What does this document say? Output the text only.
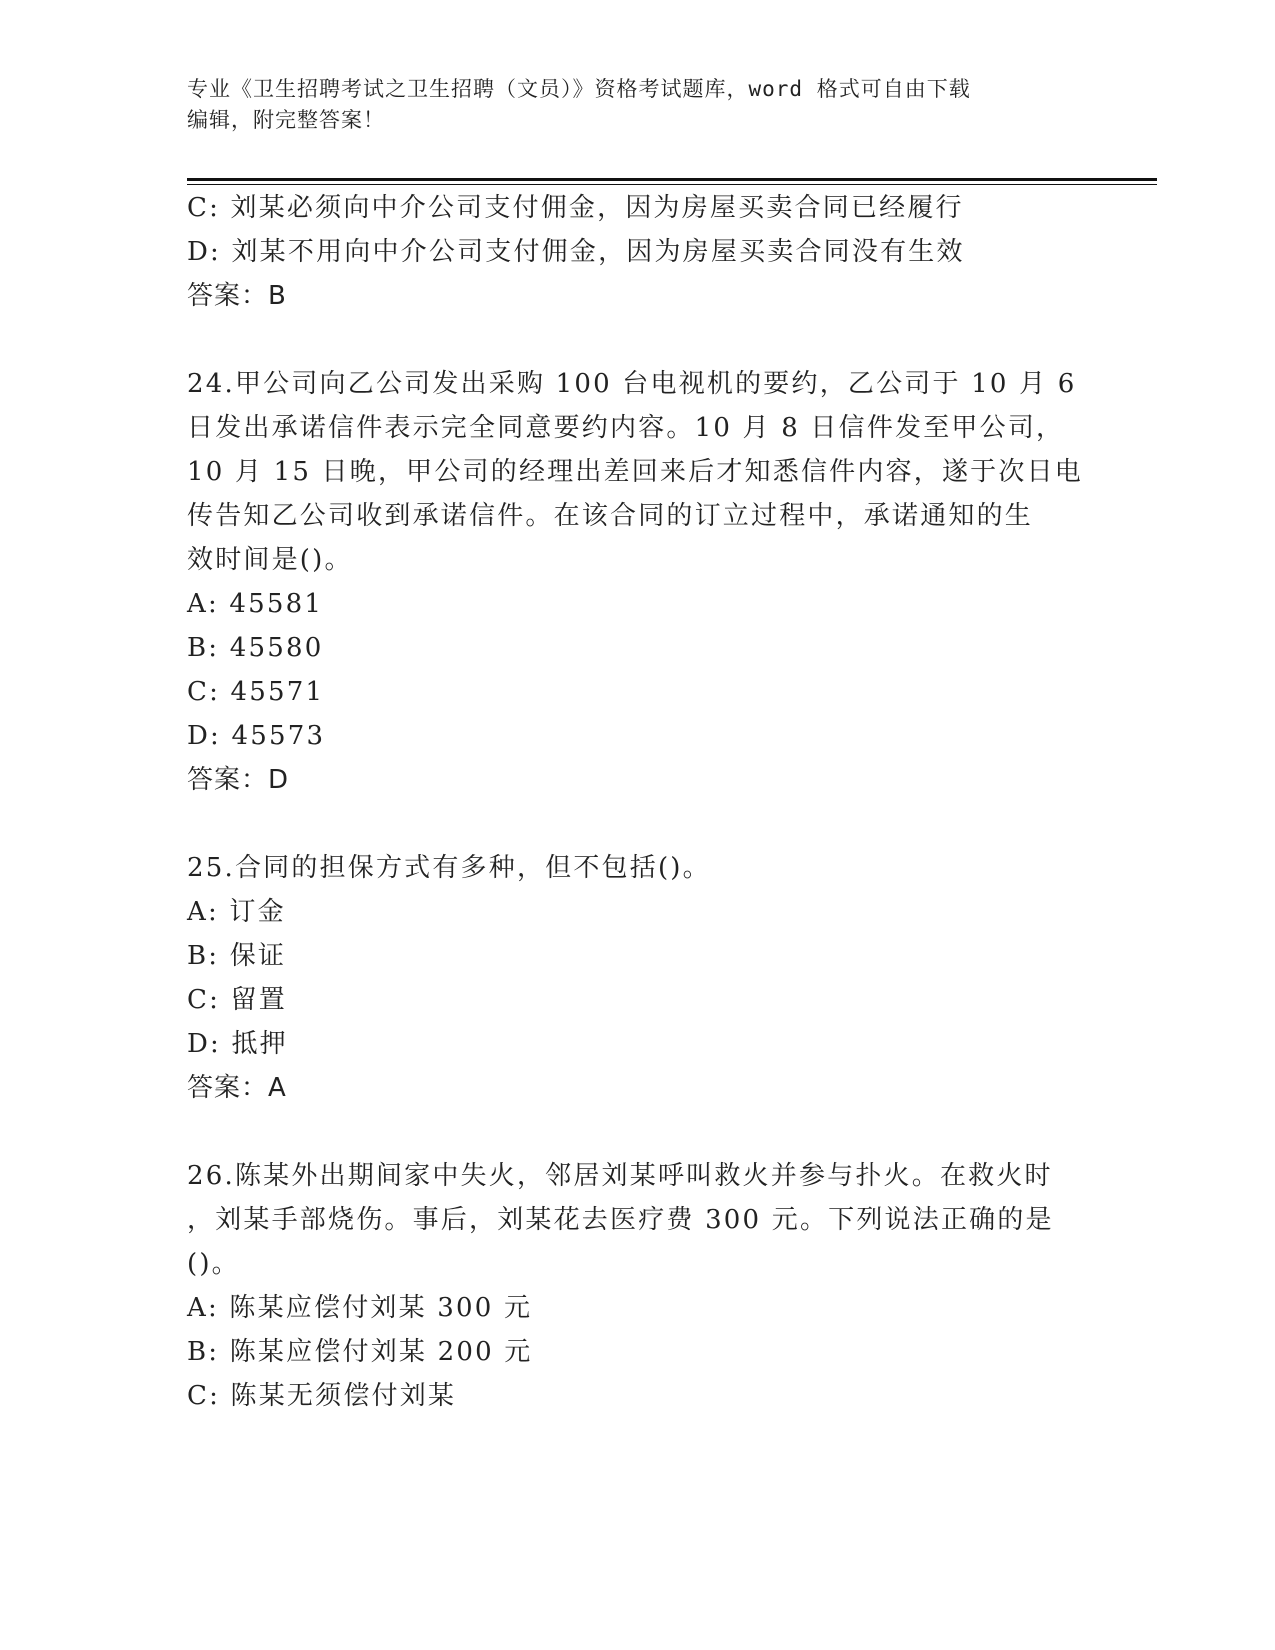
专业《卫生招聘考试之卫生招聘（文员）》资格考试题库，word 格式可自由下载
编辑，附完整答案！
C: 刘某必须向中介公司支付佣金，因为房屋买卖合同已经履行
D: 刘某不用向中介公司支付佣金，因为房屋买卖合同没有生效
答案：B
24.甲公司向乙公司发出采购 100 台电视机的要约，乙公司于 10 月 6
日发出承诺信件表示完全同意要约内容。10 月 8 日信件发至甲公司，
10 月 15 日晚，甲公司的经理出差回来后才知悉信件内容，遂于次日电
传告知乙公司收到承诺信件。在该合同的订立过程中，承诺通知的生
效时间是()。
A: 45581
B: 45580
C: 45571
D: 45573
答案：D
25.合同的担保方式有多种，但不包括()。
A: 订金
B: 保证
C: 留置
D: 抵押
答案：A
26.陈某外出期间家中失火，邻居刘某呼叫救火并参与扑火。在救火时
，刘某手部烧伤。事后，刘某花去医疗费 300 元。下列说法正确的是
()。
A: 陈某应偿付刘某 300 元
B: 陈某应偿付刘某 200 元
C: 陈某无须偿付刘某
